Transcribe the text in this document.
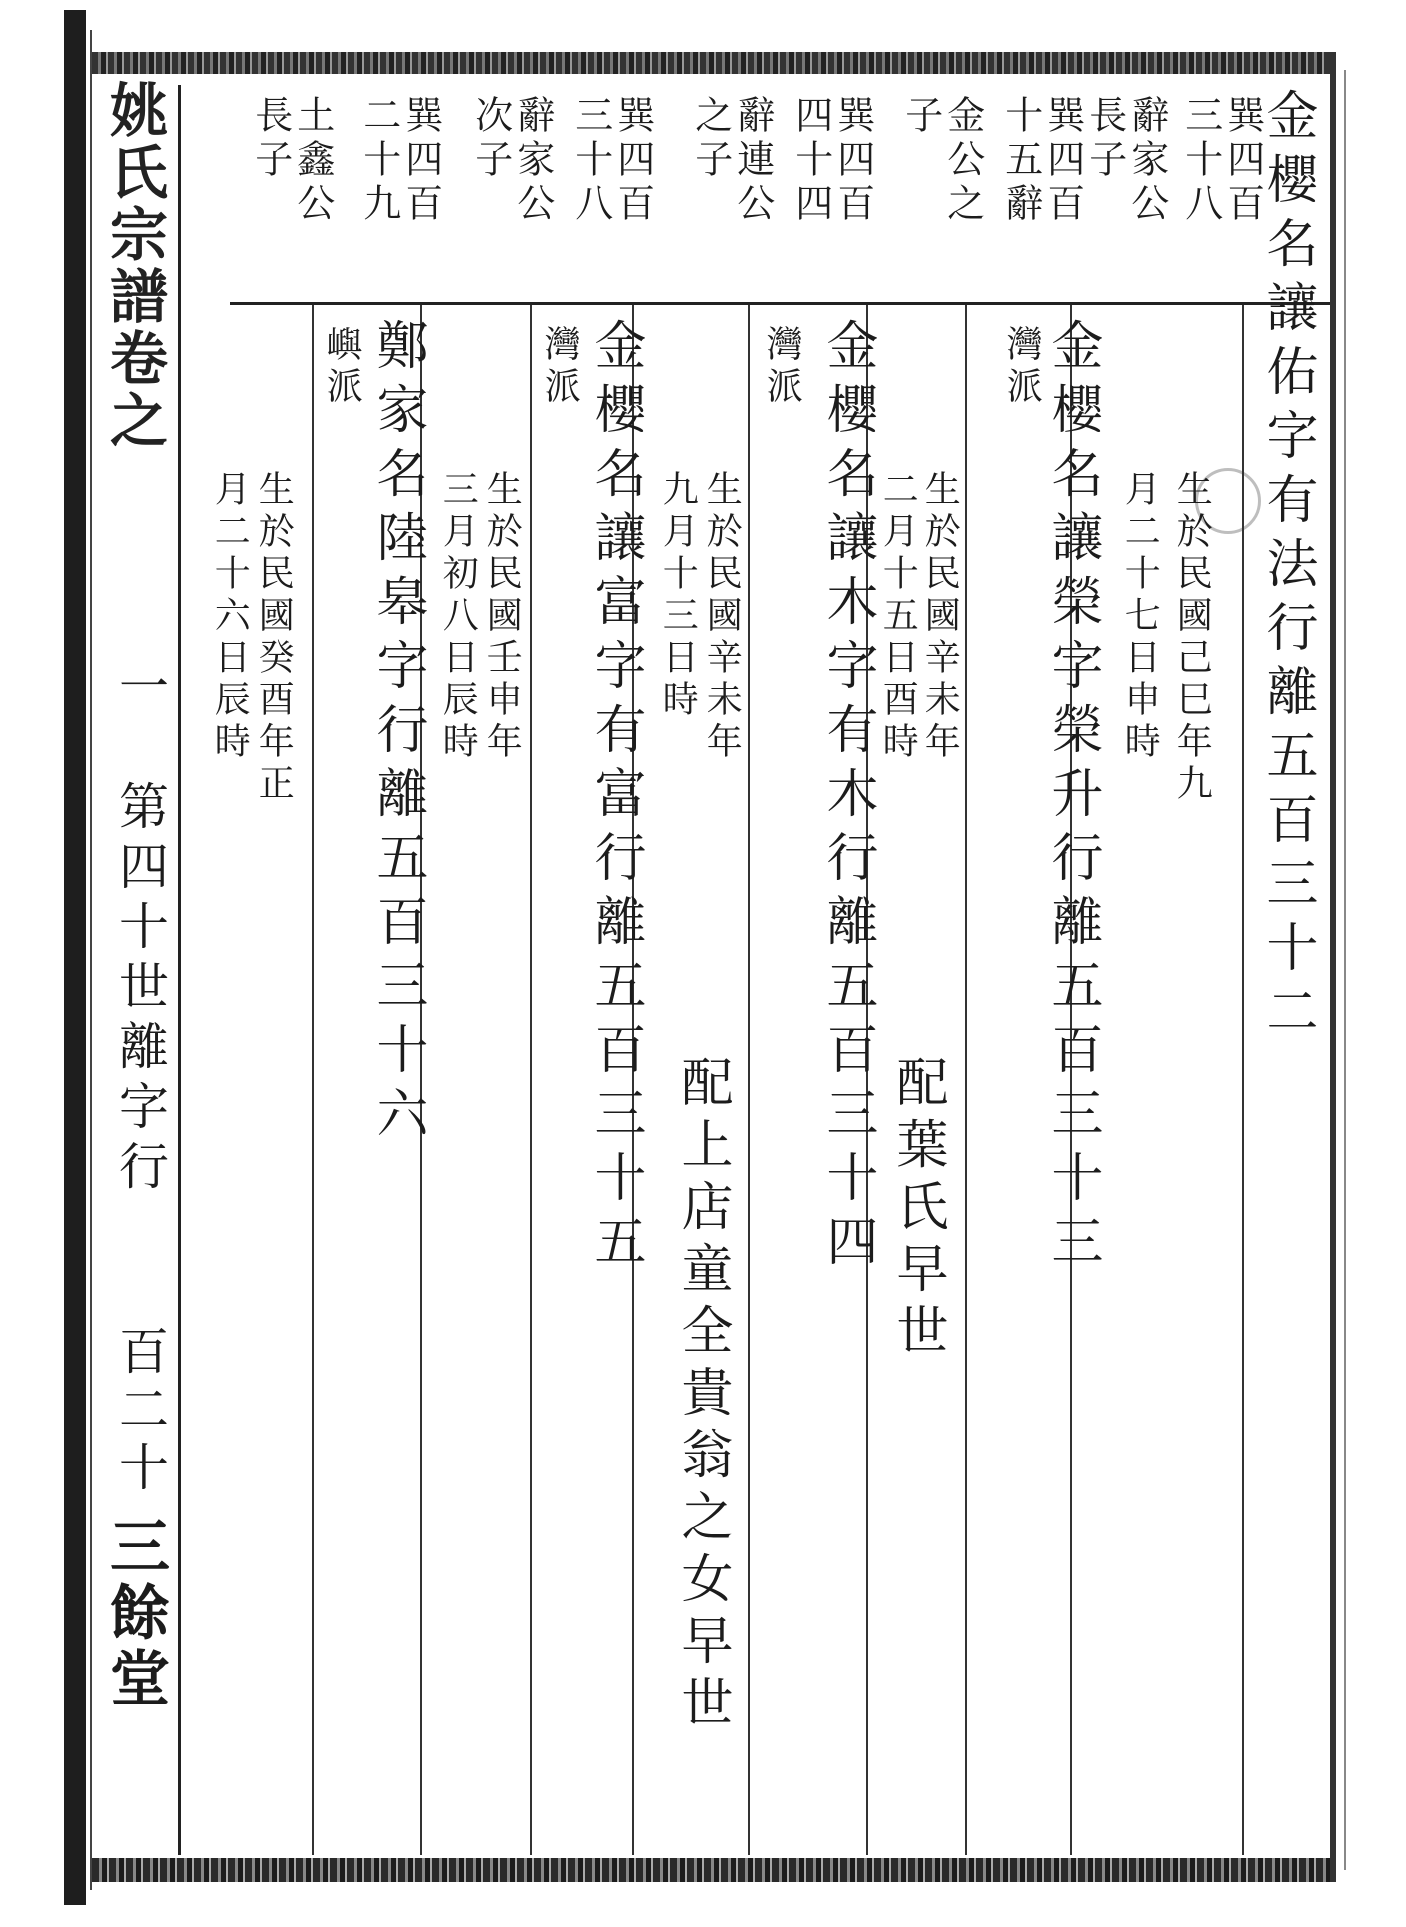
姚氏宗譜卷之
一　第四十世離字行
百二十
三餘堂
巽四百
三十八
辭家公
長子
巽四百
十五辭
金公之
子
巽四百
四十四
辭連公
之子
巽四百
三十八
辭家公
次子
巽四百
二十九
土鑫公
長子	金櫻名讓佑字有法行離五百三十二
生於民國己巳年九
月二十七日申時
金櫻名讓榮字榮升行離五百三十三
灣派
生於民國辛未年
二月十五日酉時
配葉氏早世
金櫻名讓木字有木行離五百三十四
灣派
生於民國辛未年
九月十三日時
配上店童全貴翁之女早世
金櫻名讓富字有富行離五百三十五
灣派
生於民國壬申年
三月初八日辰時
鄭家名陸皋字行離五百三十六
嶼派
生於民國癸酉年正
月二十六日辰時
